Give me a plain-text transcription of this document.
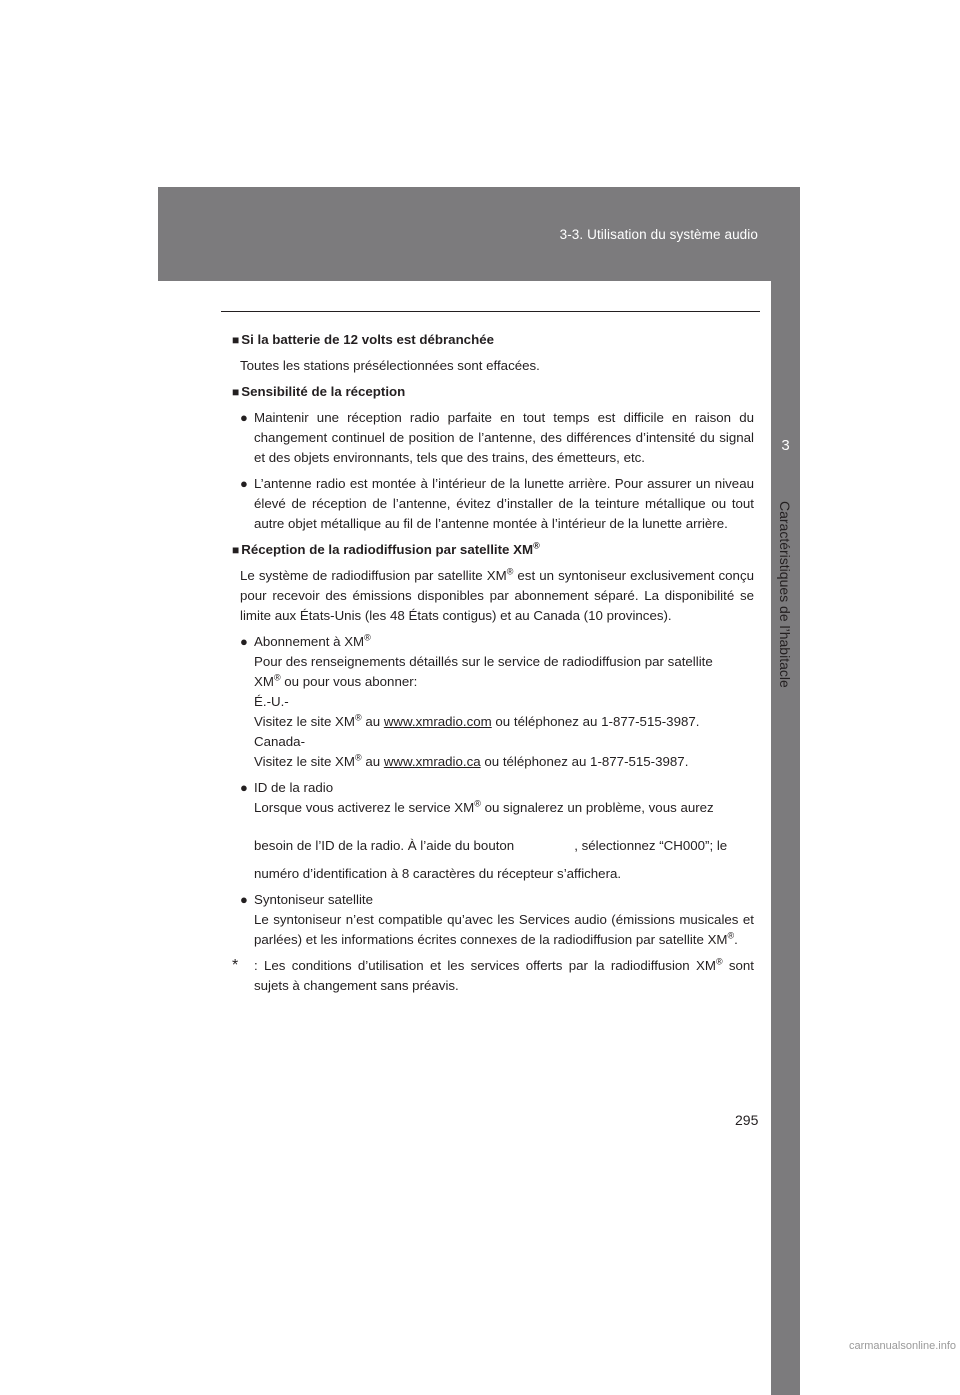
3-3. Utilisation du système audio
3
Caractéristiques de l’habitacle
■ Si la batterie de 12 volts est débranchée

Toutes les stations présélectionnées sont effacées.

■ Sensibilité de la réception
● Maintenir une réception radio parfaite en tout temps est difficile en raison du changement continuel de position de l’antenne, des différences d’intensité du signal et des objets environnants, tels que des trains, des émetteurs, etc.
● L’antenne radio est montée à l’intérieur de la lunette arrière. Pour assurer un niveau élevé de réception de l’antenne, évitez d’installer de la teinture métallique ou tout autre objet métallique au fil de l’antenne montée à l’intérieur de la lunette arrière.
■ Réception de la radiodiffusion par satellite XM®

Le système de radiodiffusion par satellite XM® est un syntoniseur exclusivement conçu pour recevoir des émissions disponibles par abonnement séparé. La disponibilité se limite aux États-Unis (les 48 États contigus) et au Canada (10 provinces).

● Abonnement à XM®
Pour des renseignements détaillés sur le service de radiodiffusion par satellite
XM® ou pour vous abonner:
É.-U.-
Visitez le site XM® au www.xmradio.com ou téléphonez au 1-877-515-3987.
Canada-
Visitez le site XM® au www.xmradio.ca ou téléphonez au 1-877-515-3987.
● ID de la radio
Lorsque vous activerez le service XM® ou signalerez un problème, vous aurez
besoin de l’ID de la radio. À l’aide du bouton	, sélectionnez “CH000”; le
numéro d’identification à 8 caractères du récepteur s’affichera.
● Syntoniseur satellite
Le syntoniseur n’est compatible qu’avec les Services audio (émissions musicales et parlées) et les informations écrites connexes de la radiodiffusion par satellite XM®.
*	: Les conditions d’utilisation et les services offerts par la radiodiffusion XM® sont sujets à changement sans préavis.
295
carmanualsonline.info
